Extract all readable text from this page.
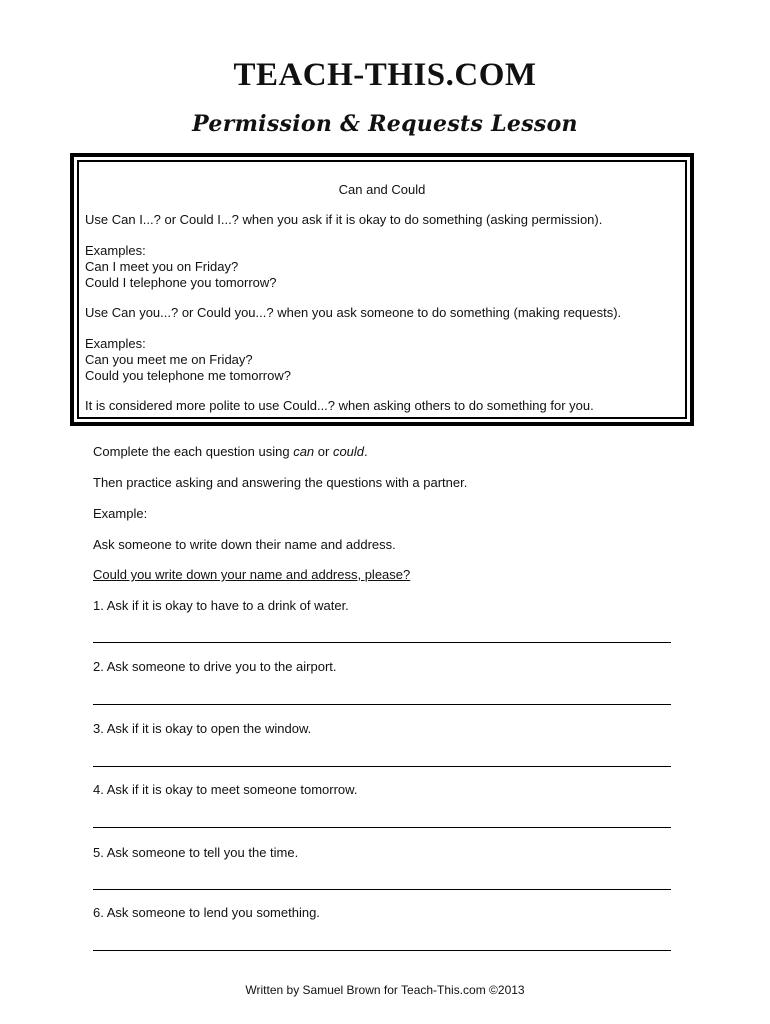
TEACH-THIS.COM
Permission & Requests Lesson
Can and Could
Use Can I...? or Could I...? when you ask if it is okay to do something (asking permission).
Examples:
Can I meet you on Friday?
Could I telephone you tomorrow?
Use Can you...? or Could you...? when you ask someone to do something (making requests).
Examples:
Can you meet me on Friday?
Could you telephone me tomorrow?
It is considered more polite to use Could...? when asking others to do something for you.
Complete the each question using can or could.
Then practice asking and answering the questions with a partner.
Example:
Ask someone to write down their name and address.
Could you write down your name and address, please?
1. Ask if it is okay to have to a drink of water.
2. Ask someone to drive you to the airport.
3. Ask if it is okay to open the window.
4. Ask if it is okay to meet someone tomorrow.
5. Ask someone to tell you the time.
6. Ask someone to lend you something.
Written by Samuel Brown for Teach-This.com ©2013
